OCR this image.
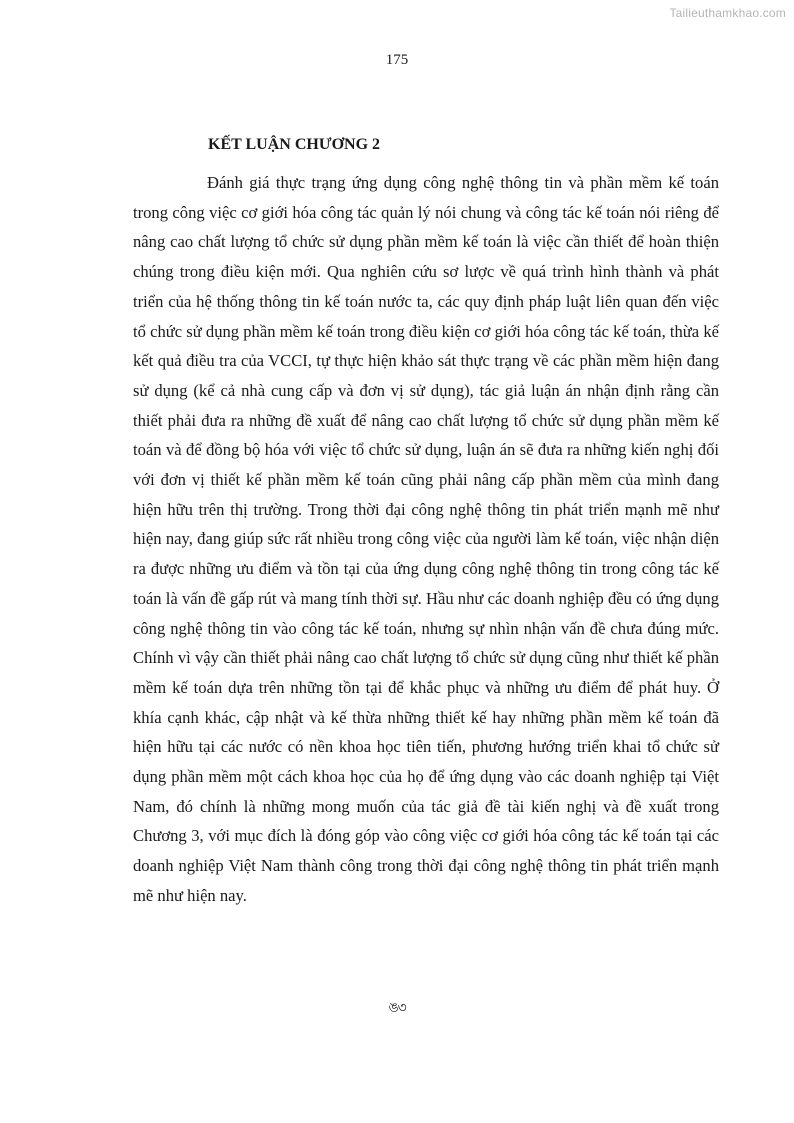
Tailieuthamkhao.com
175
KẾT LUẬN CHƯƠNG 2

Đánh giá thực trạng ứng dụng công nghệ thông tin và phần mềm kế toán trong công việc cơ giới hóa công tác quản lý nói chung và công tác kế toán nói riêng để nâng cao chất lượng tổ chức sử dụng phần mềm kế toán là việc cần thiết để hoàn thiện chúng trong điều kiện mới. Qua nghiên cứu sơ lược về quá trình hình thành và phát triển của hệ thống thông tin kế toán nước ta, các quy định pháp luật liên quan đến việc tổ chức sử dụng phần mềm kế toán trong điều kiện cơ giới hóa công tác kế toán, thừa kế kết quả điều tra của VCCI, tự thực hiện khảo sát thực trạng về các phần mềm hiện đang sử dụng (kể cả nhà cung cấp và đơn vị sử dụng), tác giả luận án nhận định rằng cần thiết phải đưa ra những đề xuất để nâng cao chất lượng tổ chức sử dụng phần mềm kế toán và để đồng bộ hóa với việc tổ chức sử dụng, luận án sẽ đưa ra những kiến nghị đối với đơn vị thiết kế phần mềm kế toán cũng phải nâng cấp phần mềm của mình đang hiện hữu trên thị trường. Trong thời đại công nghệ thông tin phát triển mạnh mẽ như hiện nay, đang giúp sức rất nhiều trong công việc của người làm kế toán, việc nhận diện ra được những ưu điểm và tồn tại của ứng dụng công nghệ thông tin trong công tác kế toán là vấn đề gấp rút và mang tính thời sự. Hầu như các doanh nghiệp đều có ứng dụng công nghệ thông tin vào công tác kế toán, nhưng sự nhìn nhận vấn đề chưa đúng mức. Chính vì vậy cần thiết phải nâng cao chất lượng tổ chức sử dụng cũng như thiết kế phần mềm kế toán dựa trên những tồn tại để khắc phục và những ưu điểm để phát huy. Ở khía cạnh khác, cập nhật và kế thừa những thiết kế hay những phần mềm kế toán đã hiện hữu tại các nước có nền khoa học tiên tiến, phương hướng triển khai tổ chức sử dụng phần mềm một cách khoa học của họ để ứng dụng vào các doanh nghiệp tại Việt Nam, đó chính là những mong muốn của tác giả đề tài kiến nghị và đề xuất trong Chương 3, với mục đích là đóng góp vào công việc cơ giới hóa công tác kế toán tại các doanh nghiệp Việt Nam thành công trong thời đại công nghệ thông tin phát triển mạnh mẽ như hiện nay.

ঙ৩
